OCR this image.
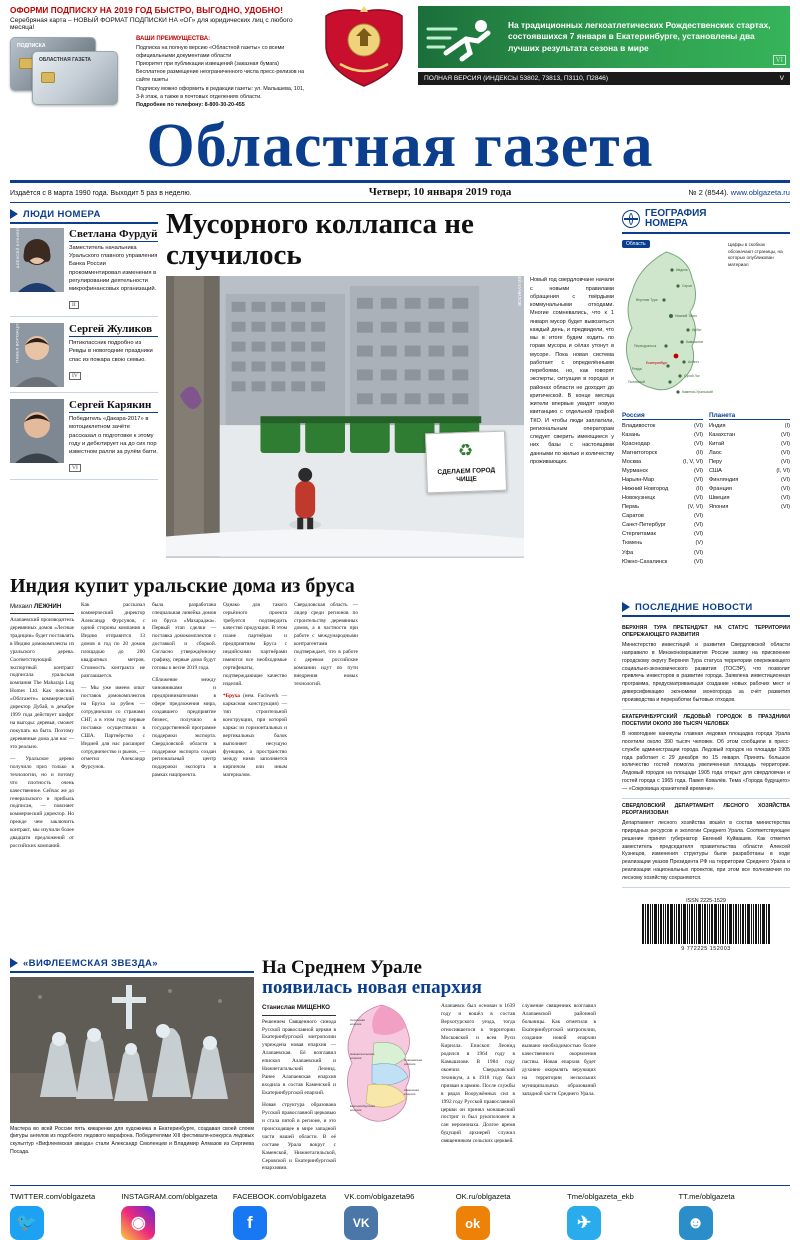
ОФОРМИ ПОДПИСКУ НА 2019 ГОД БЫСТРО, ВЫГОДНО, УДОБНО!
Серебряная карта – НОВЫЙ ФОРМАТ ПОДПИСКИ НА «ОГ» для юридических лиц с любого месяца!
ПОДПИСКА
ОБЛАСТНАЯ ГАЗЕТА
ВАШИ ПРЕИМУЩЕСТВА:
Подписка на полную версию «Областной газеты» со всеми официальными документами области
Приоритет при публикации извещений (заказная бумага)
Бесплатное размещение неограниченного числа пресс-релизов на сайте газеты
Подписку можно оформить в редакции газеты: ул. Малышева, 101, 3-й этаж, а также в почтовых отделениях области.
Подробнее по телефону: 8-800-30-20-455
На традиционных легкоатлетических Рождественских стартах, состоявшихся 7 января в Екатеринбурге, установлены два лучших результата сезона в мире
VI
ПОЛНАЯ ВЕРСИЯ (ИНДЕКСЫ 53802, 73813, П3110, П2846)	V
Областная газета
Издаётся с 8 марта 1990 года. Выходит 5 раз в неделю.	Четверг, 10 января 2019 года	№ 2 (8544). www.oblgazeta.ru
ЛЮДИ НОМЕРА
АЛЕКСЕЙ КУНИЛОВ	Светлана Фурдуй
Заместитель начальника Уральского главного управления Банка России прокомментировал изменения в регулировании деятельности микрофинансовых организаций.
II
ПАВЕЛ ВОРОЖЦОВ	Сергей Жуликов
Пятиклассник подробно из Ревды в новогодние праздники спас из пожара свою семью.
IV
Сергей Карякин
Победитель «Дакара-2017» в мотоциклетном зачёте рассказал о подготовке к этому году и дебютирует на до сих пор известном ралли за рулём багги.
VI
Мусорного коллапса не случилось
♻
СДЕЛАЕМ ГОРОД ЧИЩЕ
АЛЕКСЕЙ КУНИЛОВ Новый год свердловчане начали с новыми правилами обращения с твёрдыми коммунальными отходами. Многие сомневались, что к 1 января мусор будет вывозиться каждый день, и предвидели, что мы в итоге будем ходить по горам мусора и сёлах утонут в мусоре. Пока новая система работает с определёнными перебоями, но, как говорят эксперты, ситуация в городах и районах области не доходит до критической. В конце месяца жители впервые увидят новую квитанцию с отдельной графой ТКО. И чтобы люди заплатили, региональным операторам следует сверить имеющиеся у них базы с настоящими данными по жилью и количеству проживающих.
ГЕОГРАФИЯ
НОМЕРА
Область
Ивдель
Серов
Верхняя Тура
Нижний Тагил
Ирбит
Камышлов
Первоуральск
Екатеринбург
Ревда
Асбест
Сухой Лог
Полевской
Каменск-Уральский
Цифры в скобках обозначают страницы, на которых опубликован материал
Россия
Владивосток	(VI)
Казань	(VI)
Краснодар	(VI)
Магнитогорск	(II)
Москва	(I, V, VI)
Мурманск	(VI)
Нарьян-Мар	(VI)
Нижний Новгород	(II)
Новокузнецк	(VI)
Пермь	(V, VI)
Саратов	(VI)
Санкт-Петербург	(VI)
Стерлитамак	(VI)
Тюмень	(V)
Уфа	(VI)
Южно-Сахалинск	(VI)
Планета
Индия	(I)
Казахстан	(VI)
Китай	(VI)
Лаос	(VI)
Перу	(VI)
США	(I, VI)
Финляндия	(VI)
Франция	(VI)
Швеция	(VI)
Япония	(VI)
Индия купит уральские дома из бруса
Михаил ЛЕЖНИН

Алапаевский производитель деревянных домов «Лесные традиции» будет поставлять в Индию домокомплекты из уральского дерева. Соответствующий экспортный контракт подписала уральская компания The Maharaja Log Homes Ltd. Как пояснил «Облгазете» коммерческий директор Дубай, в декабре 1999 года действует шифрт на выгоды: деревья, сможет покупать на быта. Поэтому деревянные дома для нас — это реально.

— Уральское дерево получило приз только в технологии, но и потому что плотность очень качественное. Сейчас же до генеральского и прибыль подписан, — поясняет коммерческий директор. Но прежде чем заключить контракт, мы изучили более двадцати предложений от российских компаний.

Как рассказал коммерческий директор Александр Фурсунов, с одной стороны компания в Индию отправится 13 домов в год по 20 домов площадью до 200 квадратных метров. Стоимость контракта не разглашается.

— Мы уже имеем опыт поставок домокомплектов на Бруха за рубеж — сотрудничали со странами СНГ, а в этом году первые поставки осуществили в США. Партнёрство с Индией для нас расширит сотрудничество и рынок, — отметил Александр Фурсунов.

была разработана специальная линейка домов из бруса «Махараджа». Первый этап сделки — поставка домокомплектов с доставкой и сборкой. Согласно утверждённому графику, первые дома будут готовы к весне 2019 года.

Сближение между чиновниками и предпринимателями в сфере предложения мира, создавшего предприятие бизнес, получило в государственной программе поддержки экспорта. Свердловской области в поддержке экспорта создан региональный центр поддержки экспорта в рамках нацпроекта.

Однако для такого серьёзного проекта требуется подтвердить качество продукции. В этом плане партнёрам и предприятиям Бруса с индийскими партнёрами имеются все необходимые сертификаты, подтверждающие качество изделий.

*Бруха (нем. Fachwerk — каркасная конструкция) — тип строительной конструкции, при которой каркас из горизонтальных и вертикальных балок выполняет несущую функцию, а пространство между ними заполняется кирпичом или иным материалом.

Свердловская область — лидер среди регионов по строительству деревянных домов, а в частности при работе с международными контрагентами подтверждает, что в работе с деревом российские компании идут по пути внедрения новых технологий.

ПОСЛЕДНИЕ НОВОСТИ
ВЕРХНЯЯ ТУРА ПРЕТЕНДУЕТ НА СТАТУС ТЕРРИТОРИИ ОПЕРЕЖАЮЩЕГО РАЗВИТИЯ
Министерство инвестиций и развития Свердловской области направило в Минэкономразвития России заявку на присвоение городскому округу Верхняя Тура статуса территории опережающего социально-экономического развития (ТОСЭР), что позволит привлечь инвесторов в развитие города. Заявлена инвестиционная программа, предусматривающая создание новых рабочих мест и диверсификацию экономики моногорода за счёт развития производства и переработки бытовых отходов.
ЕКАТЕРИНБУРГСКИЙ ЛЕДОВЫЙ ГОРОДОК В ПРАЗДНИКИ ПОСЕТИЛИ ОКОЛО 390 ТЫСЯЧ ЧЕЛОВЕК
В новогодние каникулы главная ледовая площадка города Урала посетили около 390 тысяч человек. Об этом сообщили в пресс-службе администрации города. Ледовый городок на площади 1905 года работает с 29 декабря по 15 января. Принять большое количество гостей помогла увеличенная площадь территории. Ледовый городок на площади 1905 года открыт для свердловчан и гостей города с 1965 года. Павел Ковалёв. Тема «Города будущего» — «Сокровища хранителей времени».
СВЕРДЛОВСКИЙ ДЕПАРТАМЕНТ ЛЕСНОГО ХОЗЯЙСТВА РЕОРГАНИЗОВАН
Департамент лесного хозяйства вошёл в состав министерства природных ресурсов и экологии Среднего Урала. Соответствующее решение принял губернатор Евгений Куйвашев. Как отметил заместитель председателя правительства области Алексей Кузнецов, изменения структуры были разработаны в ходе реализации указов Президента РФ на территории Среднего Урала и реализации национальных проектов, при этом все полномочия по лесному хозяйству сохраняются.
ISSN 2225-1529
9 772225 152003
«ВИФЛЕЕМСКАЯ ЗВЕЗДА»
Мастера во всей России пять кикаренки для художника в Екатеринбурге, создавая своей слоем фигуры ангелов из подобного ледового марафона. Победителями XIII фестиваля-конкурса ледовых скульптур «Вифлеемская звезда» стали Александр Смоленцев и Владимир Алмазов из Сергиева Посада.
На Среднем Урале
появилась новая епархия
Станислав МИЩЕНКО

Решением Священного синода Русской православной церкви в Екатеринбургской митрополии учреждена новая епархия — Алапаевская. Её возглавил епископ Алапаевский и Нижнетагильский Леонид. Ранее Алапаевская епархия входила в состав Каменской и Екатеринбургской епархий.

Новая структура образована Русской православной церковью и стала пятой в регионе, и это происходящее в мире западной части нашей области. В её составе Урала вокруг с Каменской, Нижнетагильской, Серовской и Екатеринбургской епархиями.

Серовская
епархия
Нижнетагильская
епархия	Алапаевская
епархия
Каменская
епархия
Екатеринбургская
епархия

Алапаевск был основан в 1639 году и вошёл в состав Верхотурского уезда, тогда относившегося к территории Московской и всея Руси Кирилла. Епископ Леонид родился в 1964 году в Камышлове. В 1984 году окончил Свердловский техникум, а в 1918 году был призван в армию. После службы в рядах Вооружённых сил в 1992 году Русской православной церкви он принял монашеский постриг и был рукоположен в сан иеромонаха. Долгое время будущий архиерей служил священником сельских церквей.

служение священник возглавил Алапаевской районной больницы. Как отметили в Екатеринбургской митрополии, создание новой епархии вызвано необходимостью более качественного окормления паствы. Новая епархия будет духовно окормлять верующих на территории нескольких муниципальных образований западной части Среднего Урала.

TWITTER.com/oblgazeta
🐦
INSTAGRAM.com/oblgazeta
◉
FACEBOOK.com/oblgazeta
f
VK.com/oblgazeta96
VK
OK.ru/oblgazeta
ok
Tme/oblgazeta_ekb
✈
TT.me/oblgazeta
☻
